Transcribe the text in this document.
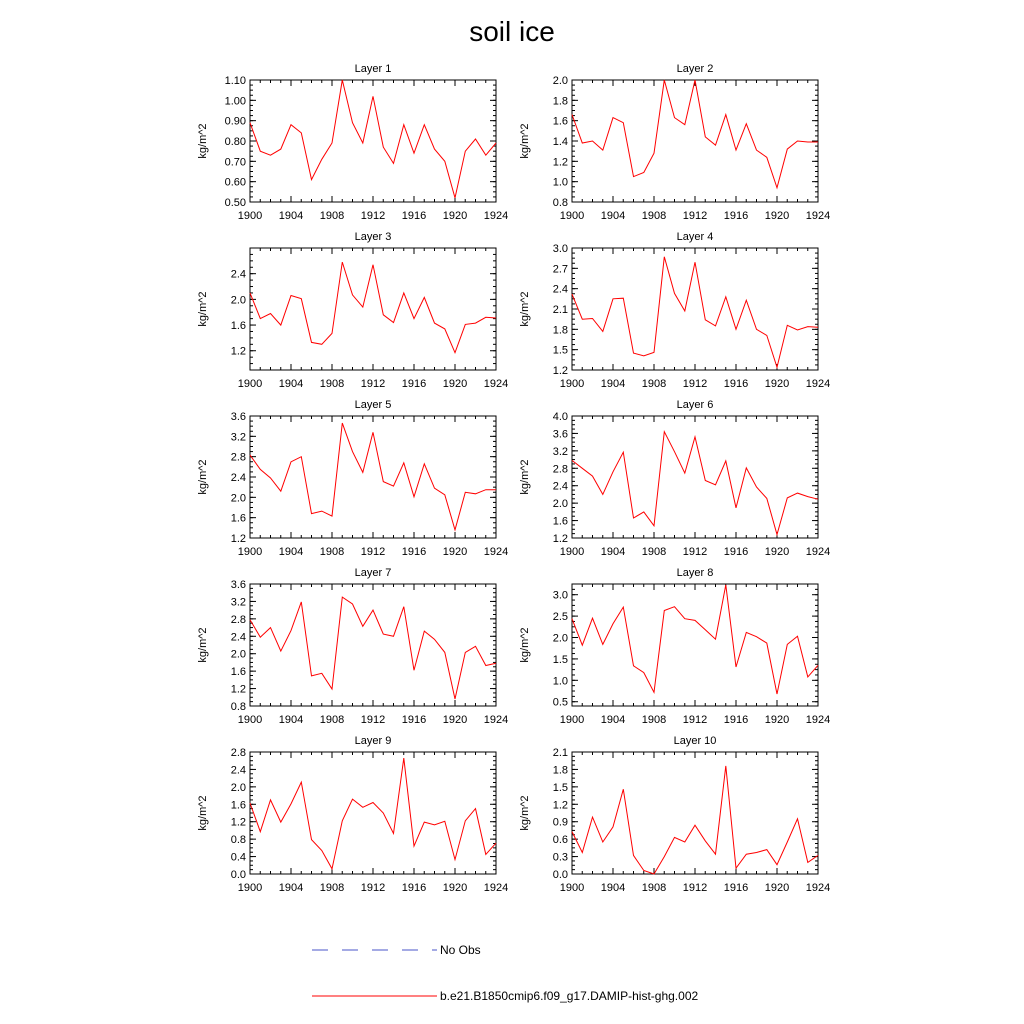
soil ice
Layer 1
kg/m^2
1900 1904 1908 1912 1916 1920 1924
0.50
0.60
0.70
0.80
0.90
1.00
1.10
Layer 2
kg/m^2
1900 1904 1908 1912 1916 1920 1924
0.8
1.0
1.2
1.4
1.6
1.8
2.0
Layer 3
kg/m^2
1900 1904 1908 1912 1916 1920 1924
1.2
1.6
2.0
2.4
Layer 4
kg/m^2
1900 1904 1908 1912 1916 1920 1924
1.2
1.5
1.8
2.1
2.4
2.7
3.0
Layer 5
kg/m^2
1900 1904 1908 1912 1916 1920 1924
1.2
1.6
2.0
2.4
2.8
3.2
3.6
Layer 6
kg/m^2
1900 1904 1908 1912 1916 1920 1924
1.2
1.6
2.0
2.4
2.8
3.2
3.6
4.0
Layer 7
kg/m^2
1900 1904 1908 1912 1916 1920 1924
0.8
1.2
1.6
2.0
2.4
2.8
3.2
3.6
Layer 8
kg/m^2
1900 1904 1908 1912 1916 1920 1924
0.5
1.0
1.5
2.0
2.5
3.0
Layer 9
kg/m^2
1900 1904 1908 1912 1916 1920 1924
0.0
0.4
0.8
1.2
1.6
2.0
2.4
2.8
Layer 10
kg/m^2
1900 1904 1908 1912 1916 1920 1924
0.0
0.3
0.6
0.9
1.2
1.5
1.8
2.1
No Obs
b.e21.B1850cmip6.f09_g17.DAMIP-hist-ghg.002
